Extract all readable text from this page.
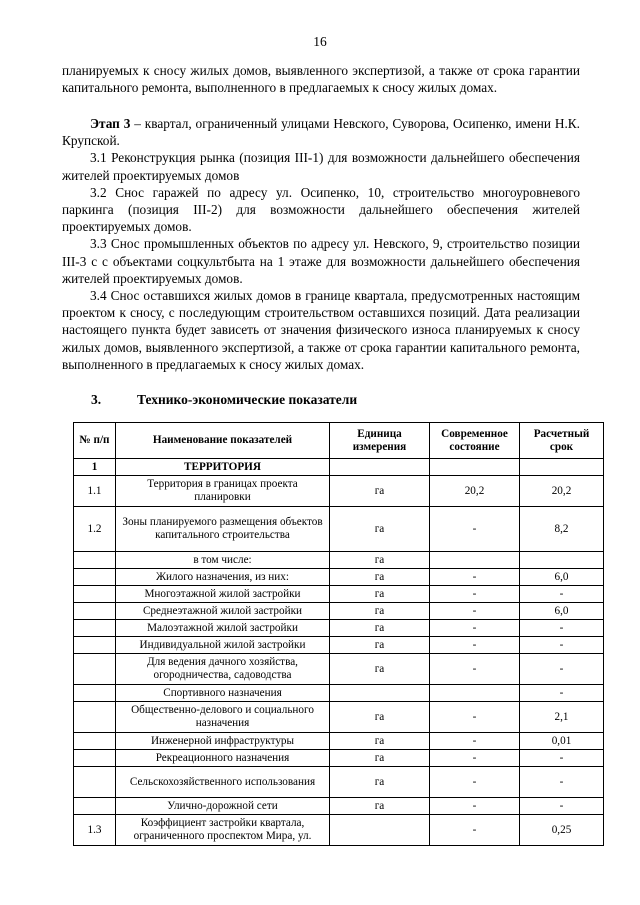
16

планируемых к сносу жилых домов, выявленного экспертизой, а также от срока гарантии капитального ремонта, выполненного в предлагаемых к сносу жилых домах.

Этап 3 – квартал, ограниченный улицами Невского, Суворова, Осипенко, имени Н.К. Крупской.

3.1 Реконструкция рынка (позиция III-1) для возможности дальнейшего обеспечения жителей проектируемых домов

3.2 Снос гаражей по адресу ул. Осипенко, 10, строительство многоуровневого паркинга (позиция III-2) для возможности дальнейшего обеспечения жителей проектируемых домов.

3.3 Снос промышленных объектов по адресу ул. Невского, 9, строительство позиции III-3 с с объектами соцкультбыта на 1 этаже для возможности дальнейшего обеспечения жителей проектируемых домов.

3.4 Снос оставшихся жилых домов в границе квартала, предусмотренных настоящим проектом к сносу, с последующим строительством оставшихся позиций. Дата реализации настоящего пункта будет зависеть от значения физического износа планируемых к сносу жилых домов, выявленного экспертизой, а также от срока гарантии капитального ремонта, выполненного в предлагаемых к сносу жилых домах.

3.	Технико-экономические показатели
№ п/п	Наименование показателей	Единица измерения	Современное состояние	Расчетный срок
1	ТЕРРИТОРИЯ			
1.1	Территория в границах проекта планировки	га	20,2	20,2
1.2	Зоны планируемого размещения объектов капитального строительства	га	-	8,2
	в том числе:	га		
	Жилого назначения, из них:	га	-	6,0
	Многоэтажной жилой застройки	га	-	-
	Среднеэтажной жилой застройки	га	-	6,0
	Малоэтажной жилой застройки	га	-	-
	Индивидуальной жилой застройки	га	-	-
	Для ведения дачного хозяйства, огородничества, садоводства	га	-	-
	Спортивного назначения			-
	Общественно-делового и социального назначения	га	-	2,1
	Инженерной инфраструктуры	га	-	0,01
	Рекреационного назначения	га	-	-
	Сельскохозяйственного использования	га	-	-
	Улично-дорожной сети	га	-	-
1.3	Коэффициент застройки квартала, ограниченного проспектом Мира, ул.		-	0,25
